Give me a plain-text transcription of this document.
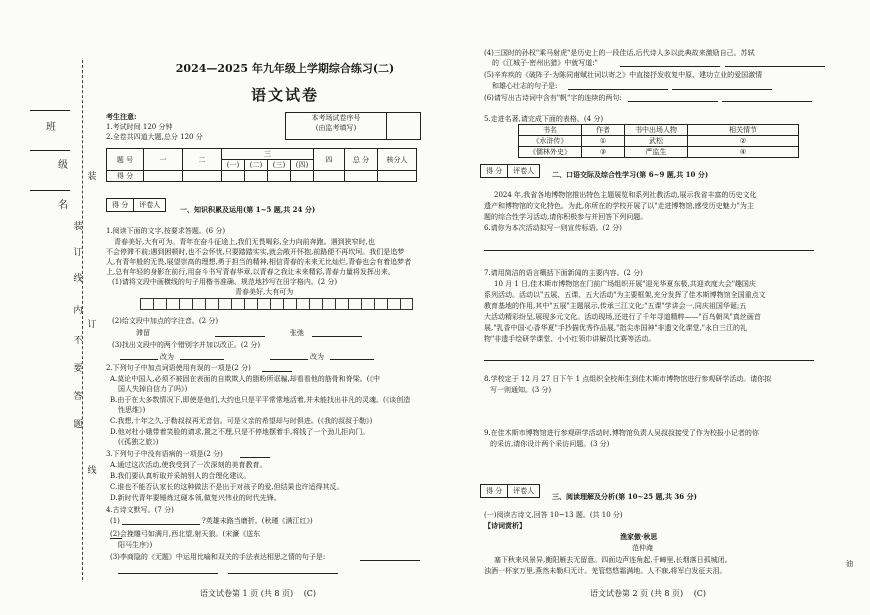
班
级
名
装
订
线
内
不
要
答
题
装
订
线
2024—2025 年九年级上学期综合练习(二)
语文试卷
考生注意:
1.考试时间 120 分钟
2.全卷共四道大题,总分 120 分
本考场试卷序号
(由监考填写)
题 号	一	二	三				四	总 分	核分人
			(一)	(二)	(三)	(四)			
得 分									
得 分	评卷人	一、知识积累及运用(第 1~5 题,共 24 分)
1.阅读下面的文字,按要求答题。(6 分)
青春美好,大有可为。青年在奋斗征途上,我们无畏喝彩,全力向前奔跑。遇到狭窄时,也
不会停滞不前;遇到困顿时,也不会怀忧,只要踏踏实实,就会敞开怀抱,前路便不再坎坷。我们是追梦
人,有青年般的无畏,展望崇高的理想,勇于担当的精神,相信青春的未来无比灿烂,青春也会有着追梦者
上,总有年轻的身影在前行,用奋斗书写青春华章,以青春之我让未来精彩,青春力量将发挥出来。
(1)请将文段中画横线的句子用楷书准确、规范地抄写在田字格内。(2 分)
青春美好,大有可为
(2)给文段中加点的字注音。(2 分)
滞留	张弛
(3)找出文段中的两个错别字并加以改正。(2 分)
改为	改为
2.下列句子中加点词语使用有误的一项是(2 分)
A.莫论中国人,必须不被固在表面的自欺欺人的脂粉所诓骗,却看看他的筋骨和脊梁。(《中
国人失掉自信力了吗》)
B.由于在大多数情况下,即使是他们,大约也只是平平常常地活着,并未能找出非凡的灵魂。(《谈创造
性思维》)
C.我想,十年之久,于勒叔叔再无音信。可是父亲的希望却与时俱进。(《我的叔叔于勒》)
D.他对杜小娥带着笑脸的请求,置之不理,只是不停地摆着手,将钱了一个劲儿拒向门。
(《孤独之旅》)
3.下列句子中没有语病的一项是(2 分)
A.通过这次活动,使我受到了一次深刻的美育教育。
B.我们要认真听取并采纳别人的合理化建议。
C.谁也不能否认家长的这种做法不是出于对孩子的爱,但结果也许适得其反。
D.新时代青年要锤炼过硬本领,做复兴伟业的时代先锋。
4.古诗文默写。(7 分)
(1)	?英雄未路当磨折。(秋瑾《满江红》)
(2)会挽雕弓如满月,西北望,射天狼。(宋濂《送东
阳马生序》)
(3)李商隐的《无题》中运用比喻和双关的手法表达相思之情的句子是:
语文试卷第 1 页 (共 8 页) (C)
(4)三国时的孙权"乘马射虎"是历史上的一段佳话,后代诗人多以此典故来激励自己。苏轼
的《江城子·密州出猎》中就写道:"
(5)辛弃疾的《破阵子·为陈同甫赋壮词以寄之》中直接抒发收复中原、建功立业的爱国激情
和雄心壮志的句子是:
(6)请写出古诗词中含有"帆"字的连续的两句:
5.走进名著,请完成下面的表格。(4 分)
书名	作者	书中出场人物	相关情节
《水浒传》	①	武松	②
《儒林外史》	③	严监生	④
得 分	评卷人	二、口语交际及综合性学习(第 6~9 题,共 10 分)
2024 年,我省各地博物馆推出特色主题展览和系列社教活动,展示我省丰富的历史文化
遗产和博物馆的文化特色。为此,你所在的学校开展了以"走进博物馆,感受历史魅力"为主
题的综合性学习活动,请你积极参与并回答下列问题。
6.请你为本次活动拟写一则宣传标语。(2 分)
7.请用简洁的语言概括下面新闻的主要内容。(2 分)
10 月 1 日,佳木斯市博物馆在门前广场组织开展"迎光华夏东极,共迎欢度大会"趣国庆
系列活动。活动以"五展、五课、五大活动"为主要框架,充分发挥了佳木斯博物馆全国重点文
教育基地的作用,其中"五展"主题展示,传承三江文化;"五课"学讲会一,同庆祖国华诞;五
大活动精彩纷呈,展现多元文化。活动现场,还进行了千年寻道精粹——"百鸟朝凤"真丝画首
展,"乳香中国·心香华夏"手抄描优秀作品展,"指尖赤国神"非遗文化课堂,"永白三江的礼
物"非遗手绘研学课堂、小小红领巾讲解员比赛等活动。
8.学校定于 12 月 27 日下午 1 点组织全校师生到佳木斯市博物馆进行参观研学活动。请你拟
写一则通知。(3 分)
9.在佳木斯市博物馆进行参观研学活动时,博物馆负责人吴叔叔接受了作为校报小记者的你
的采访,请你设计两个采访问题。(3 分)
得 分	评卷人
三、阅读理解及分析(第 10~25 题,共 36 分)
(一)阅读古诗文,回答 10~13 题。(共 10 分)
【诗词赏析】
渔家傲·秋思
范仲淹
塞下秋来风景异,衡阳雁去无留意。四面边声连角起,千嶂里,长烟落日孤城闭。
浊酒一杯家万里,燕然未勒归无计。羌管悠悠霜满地。人不寐,将军白发征夫泪。
油
语文试卷第 2 页 (共 8 页) (C)
